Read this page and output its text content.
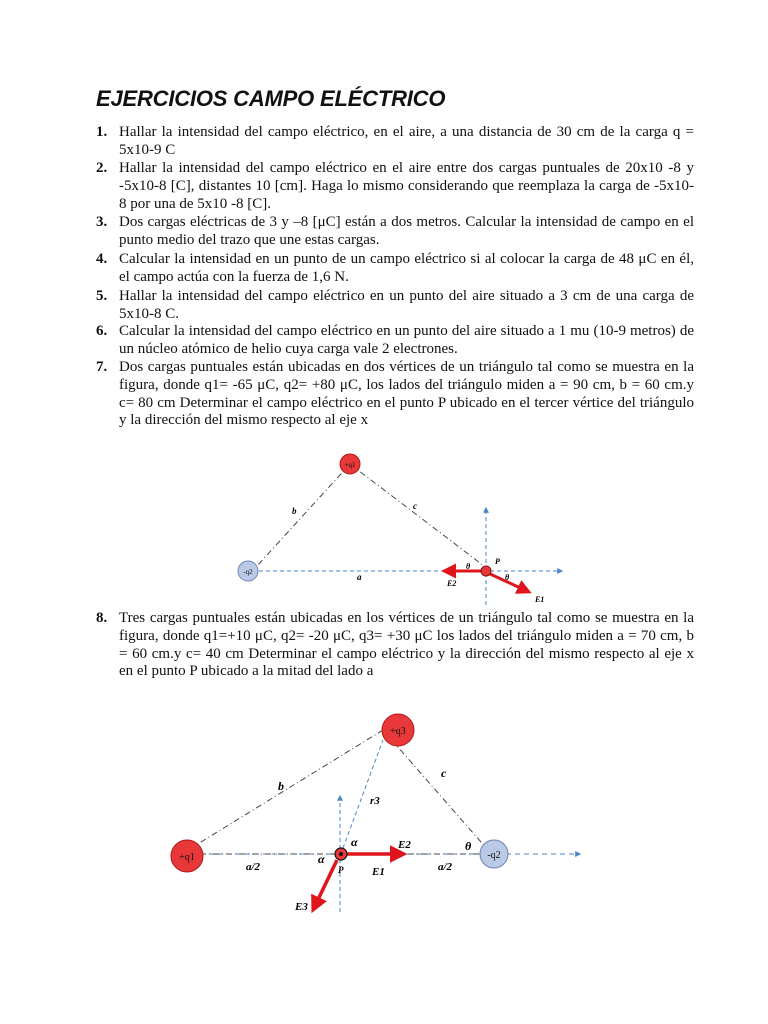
EJERCICIOS CAMPO ELÉCTRICO
1. Hallar la intensidad del campo eléctrico, en el aire, a una distancia de 30 cm de la carga q = 5x10-9 C
2. Hallar la intensidad del campo eléctrico en el aire entre dos cargas puntuales de 20x10 -8 y -5x10-8 [C], distantes 10 [cm]. Haga lo mismo considerando que reemplaza la carga de -5x10-8 por una de 5x10 -8 [C].
3. Dos cargas eléctricas de 3 y –8 [μC] están a dos metros. Calcular la intensidad de campo en el punto medio del trazo que une estas cargas.
4. Calcular la intensidad en un punto de un campo eléctrico si al colocar la carga de 48 μC en él, el campo actúa con la fuerza de 1,6 N.
5. Hallar la intensidad del campo eléctrico en un punto del aire situado a 3 cm de una carga de 5x10-8 C.
6. Calcular la intensidad del campo eléctrico en un punto del aire situado a 1 mu (10-9 metros) de un núcleo atómico de helio cuya carga vale 2 electrones.
7. Dos cargas puntuales están ubicadas en dos vértices de un triángulo tal como se muestra en la figura, donde q1= -65 μC, q2= +80 μC, los lados del triángulo miden a = 90 cm, b = 60 cm.y c= 80 cm Determinar el campo eléctrico en el punto P ubicado en el tercer vértice del triángulo y la dirección del mismo respecto al eje x
+q1
-q2
P
b	c
a
θ
θ
E2
E1
8. Tres cargas puntuales están ubicadas en los vértices de un triángulo tal como se muestra en la figura, donde q1=+10 μC, q2= -20 μC, q3= +30 μC los lados del triángulo miden a = 70 cm, b = 60 cm.y c= 40 cm Determinar el campo eléctrico y la dirección del mismo respecto al eje x en el punto P ubicado a la mitad del lado a
+q3
+q1	-q2
b
c
r3
a/2	a/2
α
α
θ
P
E2
E1
E3
